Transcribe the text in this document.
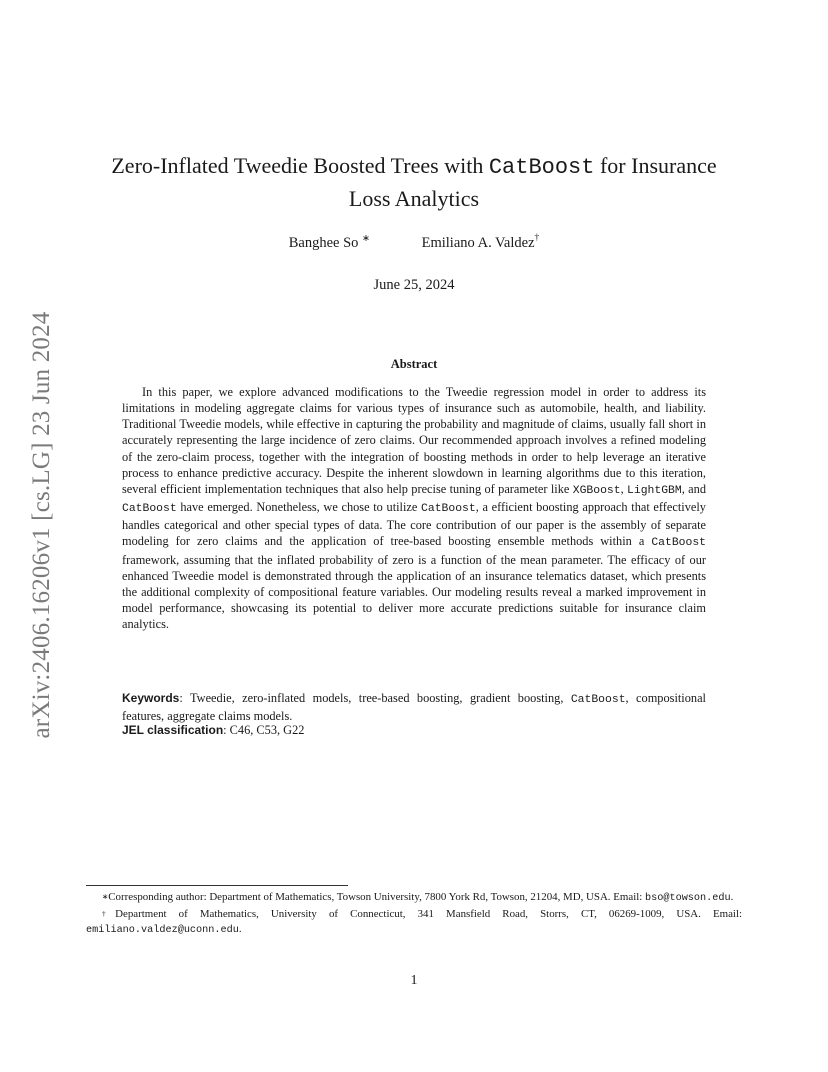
arXiv:2406.16206v1 [cs.LG] 23 Jun 2024
Zero-Inflated Tweedie Boosted Trees with CatBoost for Insurance
Loss Analytics
Banghee So ∗	Emiliano A. Valdez†
June 25, 2024
Abstract
In this paper, we explore advanced modifications to the Tweedie regression model in order to address its limitations in modeling aggregate claims for various types of insurance such as automobile, health, and liability. Traditional Tweedie models, while effective in capturing the probability and magnitude of claims, usually fall short in accurately representing the large incidence of zero claims. Our recommended approach involves a refined modeling of the zero-claim process, together with the integration of boosting methods in order to help leverage an iterative process to enhance predictive accuracy. Despite the inherent slowdown in learning algorithms due to this iteration, several efficient implementation techniques that also help precise tuning of parameter like XGBoost, LightGBM, and CatBoost have emerged. Nonetheless, we chose to utilize CatBoost, a efficient boosting approach that effectively handles categorical and other special types of data. The core contribution of our paper is the assembly of separate modeling for zero claims and the application of tree-based boosting ensemble methods within a CatBoost framework, assuming that the inflated probability of zero is a function of the mean parameter. The efficacy of our enhanced Tweedie model is demonstrated through the application of an insurance telematics dataset, which presents the additional complexity of compositional feature variables. Our modeling results reveal a marked improvement in model performance, showcasing its potential to deliver more accurate predictions suitable for insurance claim analytics.
Keywords: Tweedie, zero-inflated models, tree-based boosting, gradient boosting, CatBoost, compositional features, aggregate claims models.
JEL classification: C46, C53, G22

∗Corresponding author: Department of Mathematics, Towson University, 7800 York Rd, Towson, 21204, MD, USA. Email: bso@towson.edu.

†Department of Mathematics, University of Connecticut, 341 Mansfield Road, Storrs, CT, 06269-1009, USA. Email: emiliano.valdez@uconn.edu.

1
